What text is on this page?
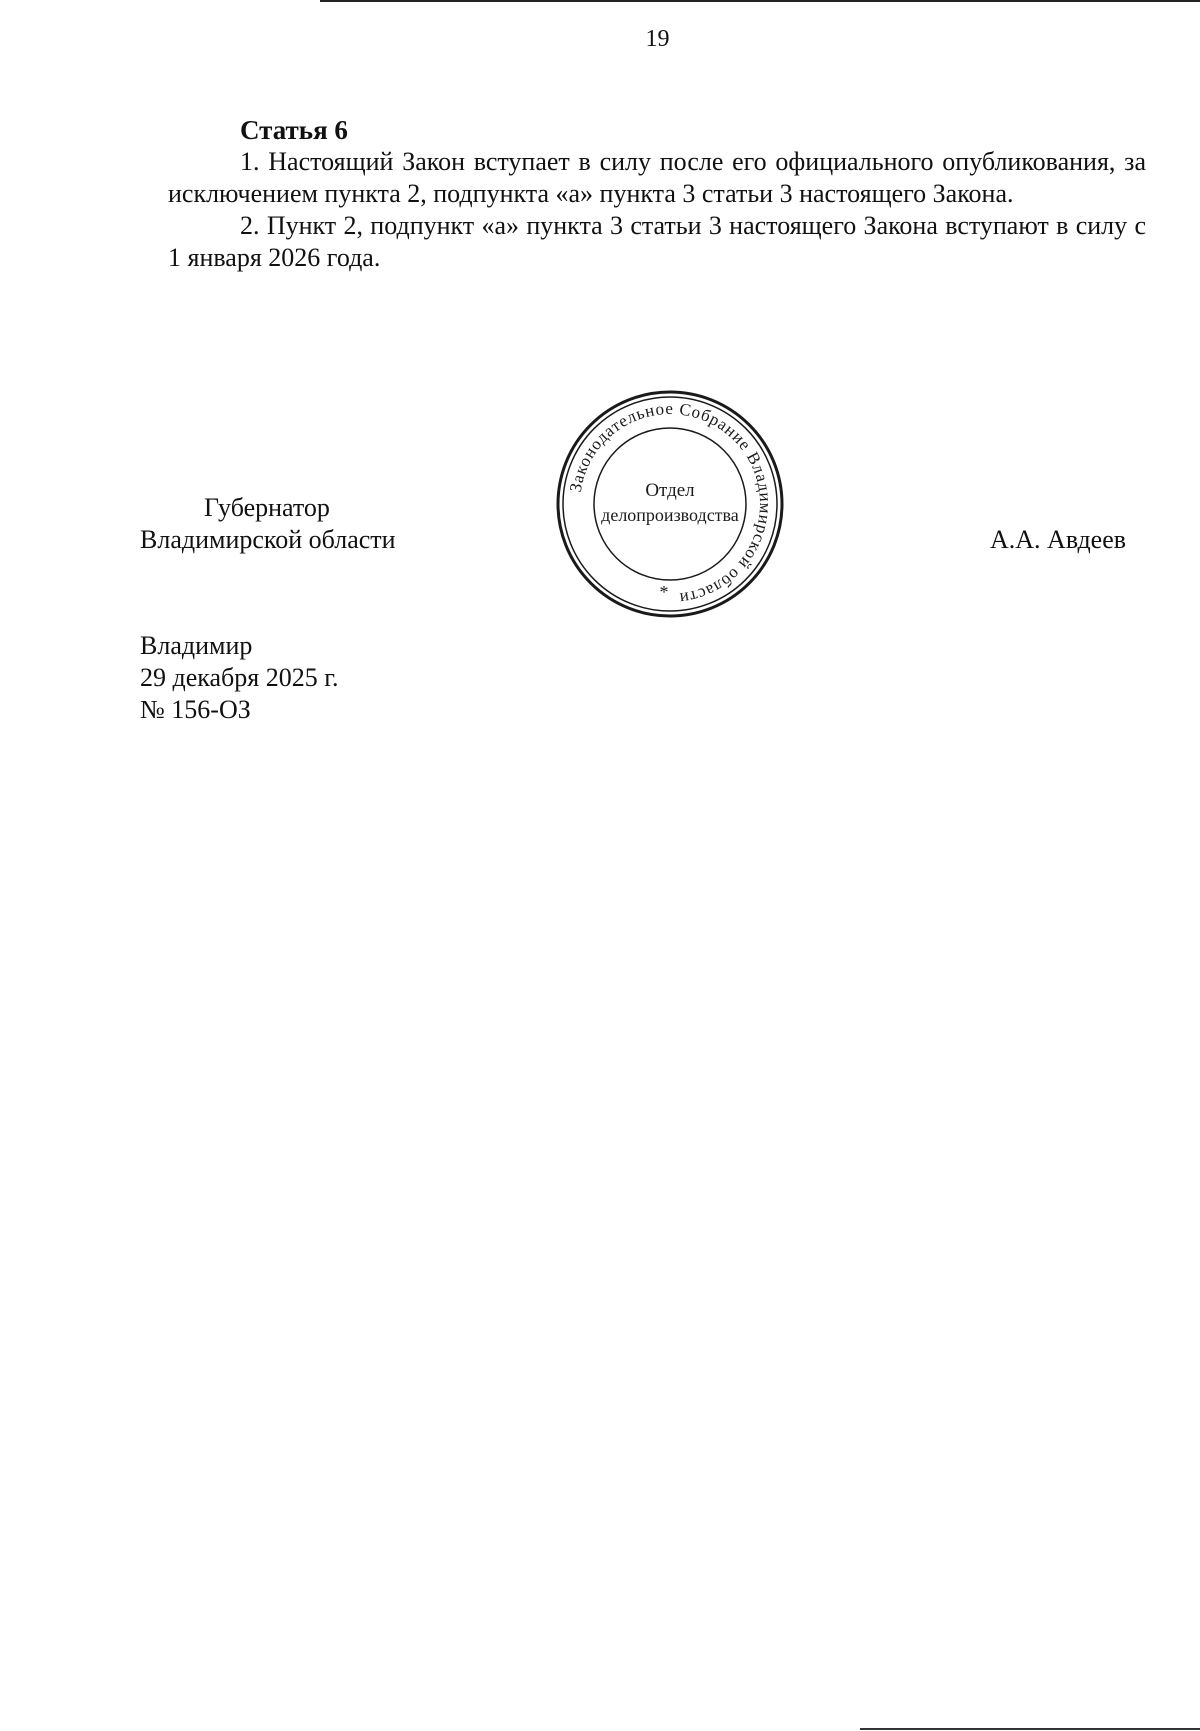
19
Статья 6

1. Настоящий Закон вступает в силу после его официального опубликования, за исключением пункта 2, подпункта «а» пункта 3 статьи 3 настоящего Закона.

2. Пункт 2, подпункт «а» пункта 3 статьи 3 настоящего Закона вступают в силу с 1 января 2026 года.

Губернатор
Владимирской области
Законодательное Собрание Владимирской области
Отдел
делопроизводства
*
А.А. Авдеев
Владимир
29 декабря 2025 г.
№ 156-ОЗ
